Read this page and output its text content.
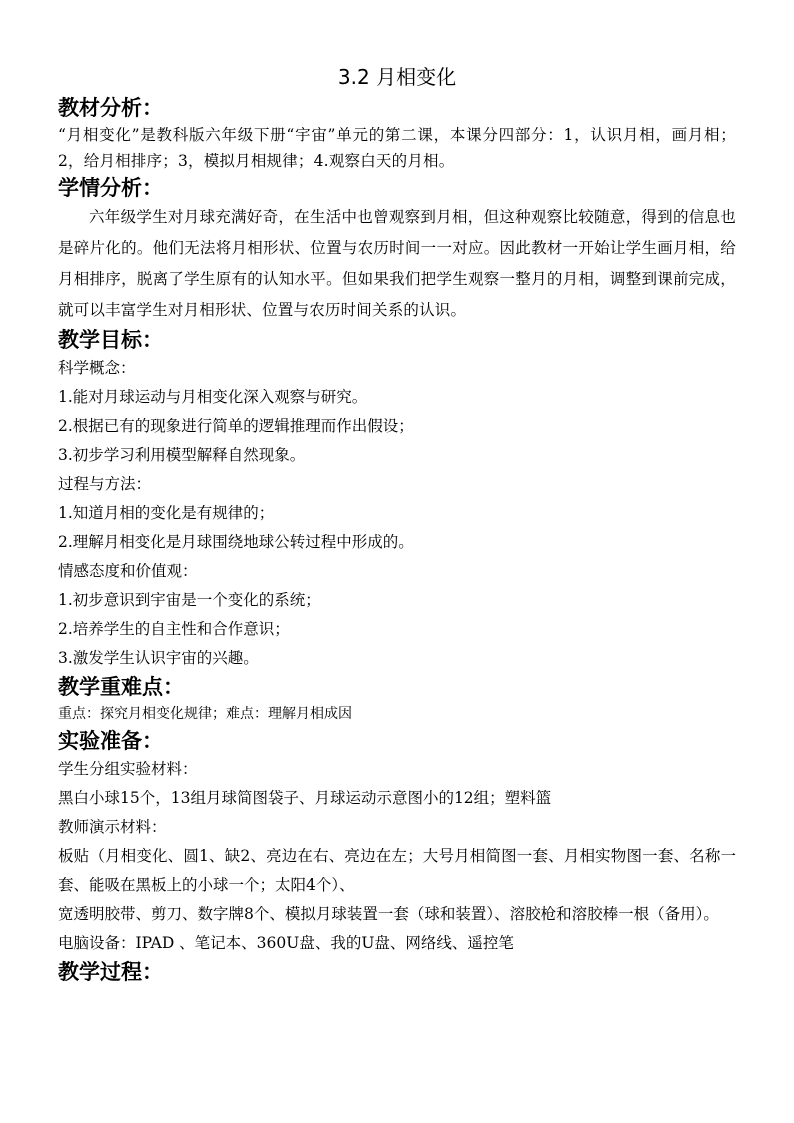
3.2 月相变化
教材分析：

“月相变化”是教科版六年级下册“宇宙”单元的第二课，本课分四部分：1，认识月相，画月相；2，给月相排序；3，模拟月相规律；4.观察白天的月相。

学情分析：

六年级学生对月球充满好奇，在生活中也曾观察到月相，但这种观察比较随意，得到的信息也是碎片化的。他们无法将月相形状、位置与农历时间一一对应。因此教材一开始让学生画月相，给月相排序，脱离了学生原有的认知水平。但如果我们把学生观察一整月的月相，调整到课前完成，就可以丰富学生对月相形状、位置与农历时间关系的认识。

教学目标：

科学概念：

1.能对月球运动与月相变化深入观察与研究。

2.根据已有的现象进行简单的逻辑推理而作出假设；

3.初步学习利用模型解释自然现象。

过程与方法：

1.知道月相的变化是有规律的；

2.理解月相变化是月球围绕地球公转过程中形成的。

情感态度和价值观：

1.初步意识到宇宙是一个变化的系统；

2.培养学生的自主性和合作意识；

3.激发学生认识宇宙的兴趣。

教学重难点：

重点：探究月相变化规律；难点：理解月相成因

实验准备：

学生分组实验材料：

黑白小球15个，13组月球简图袋子、月球运动示意图小的12组；塑料篮

教师演示材料：

板贴（月相变化、圆1、缺2、亮边在右、亮边在左；大号月相简图一套、月相实物图一套、名称一套、能吸在黑板上的小球一个；太阳4个）、

宽透明胶带、剪刀、数字牌8个、模拟月球装置一套（球和装置）、溶胶枪和溶胶棒一根（备用）。

电脑设备：IPAD 、笔记本、360U盘、我的U盘、网络线、遥控笔

教学过程：
